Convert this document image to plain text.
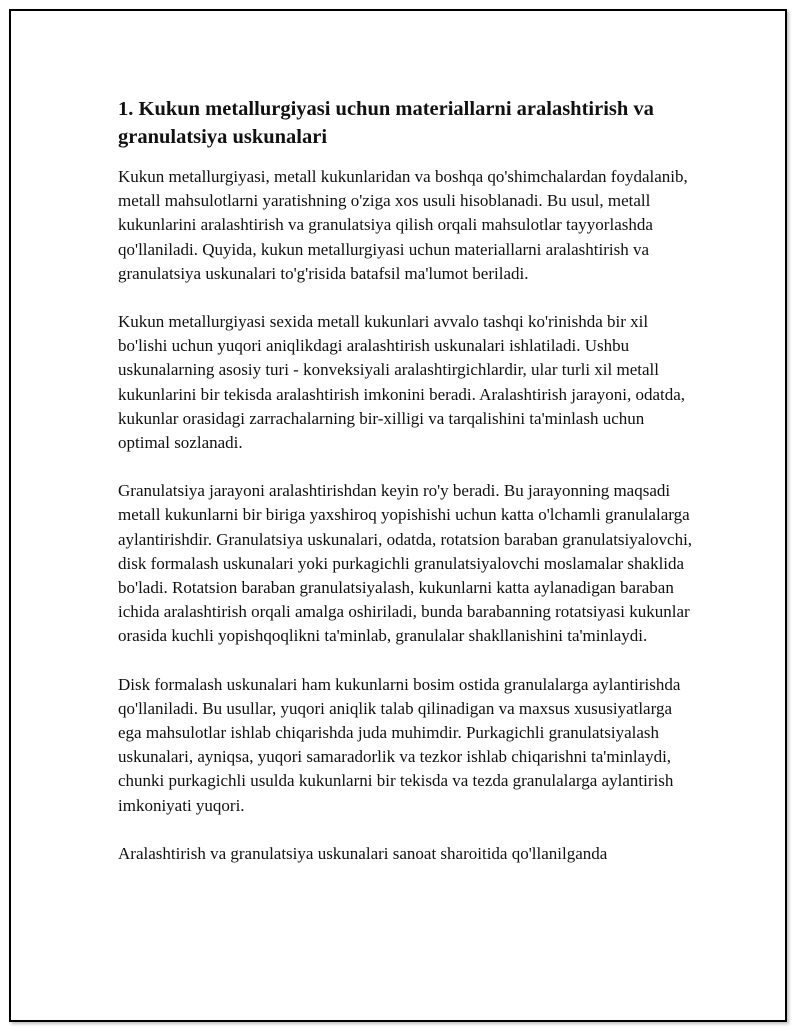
1. Kukun metallurgiyasi uchun materiallarni aralashtirish va granulatsiya uskunalari

Kukun metallurgiyasi, metall kukunlaridan va boshqa qo'shimchalardan foydalanib, metall mahsulotlarni yaratishning o'ziga xos usuli hisoblanadi. Bu usul, metall kukunlarini aralashtirish va granulatsiya qilish orqali mahsulotlar tayyorlashda qo'llaniladi. Quyida, kukun metallurgiyasi uchun materiallarni aralashtirish va granulatsiya uskunalari to'g'risida batafsil ma'lumot beriladi.

Kukun metallurgiyasi sexida metall kukunlari avvalo tashqi ko'rinishda bir xil bo'lishi uchun yuqori aniqlikdagi aralashtirish uskunalari ishlatiladi. Ushbu uskunalarning asosiy turi - konveksiyali aralashtirgichlardir, ular turli xil metall kukunlarini bir tekisda aralashtirish imkonini beradi. Aralashtirish jarayoni, odatda, kukunlar orasidagi zarrachalarning bir-xilligi va tarqalishini ta'minlash uchun optimal sozlanadi.

Granulatsiya jarayoni aralashtirishdan keyin ro'y beradi. Bu jarayonning maqsadi metall kukunlarni bir biriga yaxshiroq yopishishi uchun katta o'lchamli granulalarga aylantirishdir. Granulatsiya uskunalari, odatda, rotatsion baraban granulatsiyalovchi, disk formalash uskunalari yoki purkagichli granulatsiyalovchi moslamalar shaklida bo'ladi. Rotatsion baraban granulatsiyalash, kukunlarni katta aylanadigan baraban ichida aralashtirish orqali amalga oshiriladi, bunda barabanning rotatsiyasi kukunlar orasida kuchli yopishqoqlikni ta'minlab, granulalar shakllanishini ta'minlaydi.

Disk formalash uskunalari ham kukunlarni bosim ostida granulalarga aylantirishda qo'llaniladi. Bu usullar, yuqori aniqlik talab qilinadigan va maxsus xususiyatlarga ega mahsulotlar ishlab chiqarishda juda muhimdir. Purkagichli granulatsiyalash uskunalari, ayniqsa, yuqori samaradorlik va tezkor ishlab chiqarishni ta'minlaydi, chunki purkagichli usulda kukunlarni bir tekisda va tezda granulalarga aylantirish imkoniyati yuqori.

Aralashtirish va granulatsiya uskunalari sanoat sharoitida qo'llanilganda
